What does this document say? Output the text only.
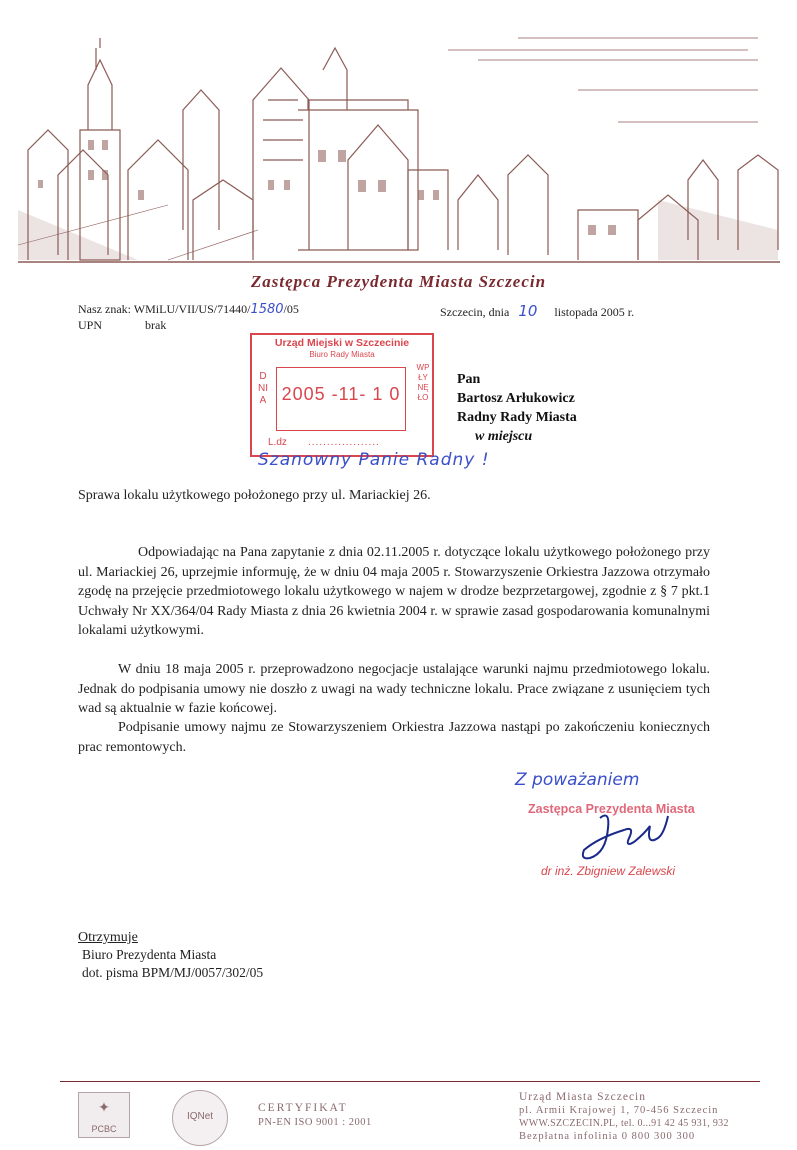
Zastępca Prezydenta Miasta Szczecin
Nasz znak: WMiLU/VII/US/71440/1580/05
UPN	brak
Szczecin, dnia 10 listopada 2005 r.
Urząd Miejski w Szczecinie
Biuro Rady Miasta
DNIA 2005 -11- 1 0
WPŁYNĘŁO
L.dz ...................
Pan
Bartosz Arłukowicz
Radny Rady Miasta
w miejscu
Szanowny Panie Radny !
Sprawa lokalu użytkowego położonego przy ul. Mariackiej 26.
Odpowiadając na Pana zapytanie z dnia 02.11.2005 r. dotyczące lokalu użytkowego położonego przy ul. Mariackiej 26, uprzejmie informuję, że w dniu 04 maja 2005 r. Stowarzyszenie Orkiestra Jazzowa otrzymało zgodę na przejęcie przedmiotowego lokalu użytkowego w najem w drodze bezprzetargowej, zgodnie z § 7 pkt.1 Uchwały Nr XX/364/04 Rady Miasta z dnia 26 kwietnia 2004 r. w sprawie zasad gospodarowania komunalnymi lokalami użytkowymi.
W dniu 18 maja 2005 r. przeprowadzono negocjacje ustalające warunki najmu przedmiotowego lokalu. Jednak do podpisania umowy nie doszło z uwagi na wady techniczne lokalu. Prace związane z usunięciem tych wad są aktualnie w fazie końcowej.
Podpisanie umowy najmu ze Stowarzyszeniem Orkiestra Jazzowa nastąpi po zakończeniu koniecznych prac remontowych.
Z poważaniem
Zastępca Prezydenta Miasta
dr inż. Zbigniew Zalewski
Otrzymuje
Biuro Prezydenta Miasta
dot. pisma BPM/MJ/0057/302/05
✦
PCBC
IQNet
CERTYFIKAT
PN-EN ISO 9001 : 2001
Urząd Miasta Szczecin
pl. Armii Krajowej 1, 70-456 Szczecin
WWW.SZCZECIN.PL, tel. 0...91 42 45 931, 932
Bezpłatna infolinia 0 800 300 300
